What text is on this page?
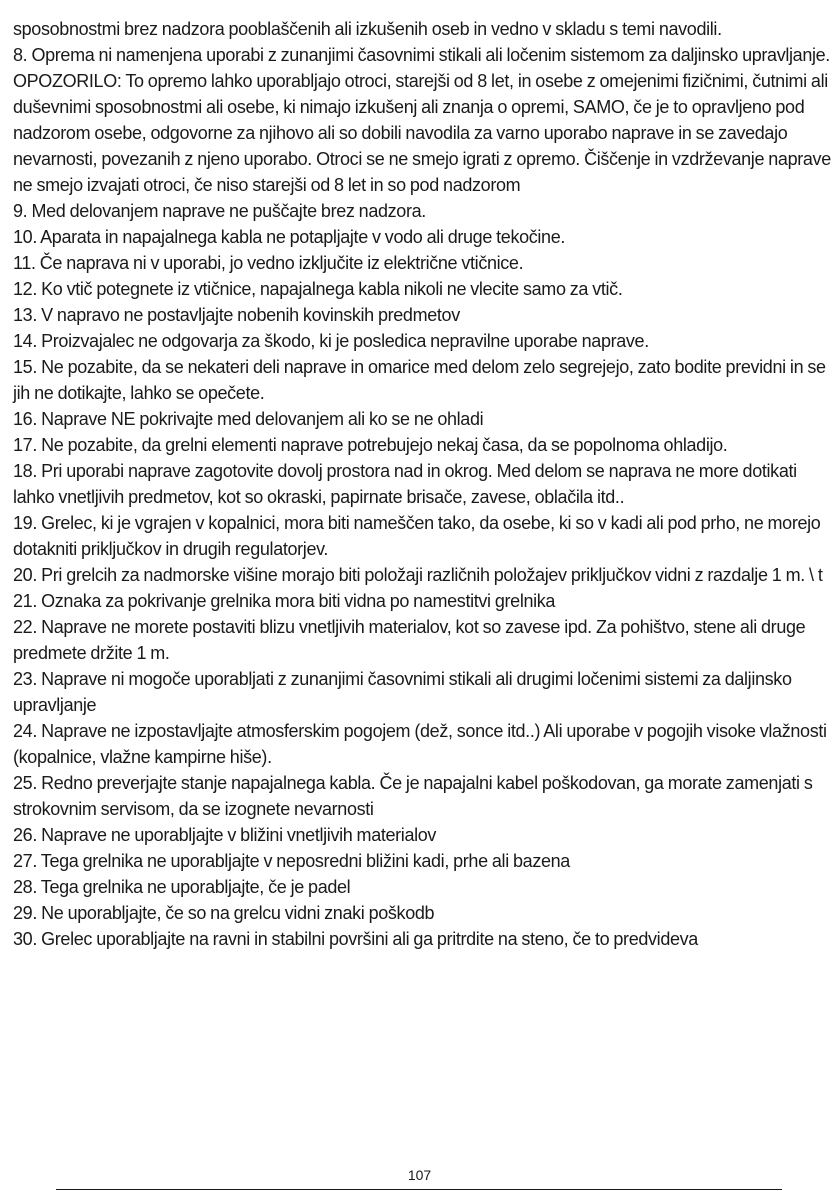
sposobnostmi brez nadzora pooblaščenih ali izkušenih oseb in vedno v skladu s temi navodili.

8. Oprema ni namenjena uporabi z zunanjimi časovnimi stikali ali ločenim sistemom za daljinsko upravljanje.

OPOZORILO: To opremo lahko uporabljajo otroci, starejši od 8 let, in osebe z omejenimi fizičnimi, čutnimi ali duševnimi sposobnostmi ali osebe, ki nimajo izkušenj ali znanja o opremi, SAMO, če je to opravljeno pod nadzorom osebe, odgovorne za njihovo ali so dobili navodila za varno uporabo naprave in se zavedajo nevarnosti, povezanih z njeno uporabo. Otroci se ne smejo igrati z opremo. Čiščenje in vzdrževanje naprave ne smejo izvajati otroci, če niso starejši od 8 let in so pod nadzorom

9. Med delovanjem naprave ne puščajte brez nadzora.

10. Aparata in napajalnega kabla ne potapljajte v vodo ali druge tekočine.

11. Če naprava ni v uporabi, jo vedno izključite iz električne vtičnice.

12. Ko vtič potegnete iz vtičnice, napajalnega kabla nikoli ne vlecite samo za vtič.

13. V napravo ne postavljajte nobenih kovinskih predmetov

14. Proizvajalec ne odgovarja za škodo, ki je posledica nepravilne uporabe naprave.

15. Ne pozabite, da se nekateri deli naprave in omarice med delom zelo segrejejo, zato bodite previdni in se jih ne dotikajte, lahko se opečete.

16. Naprave NE pokrivajte med delovanjem ali ko se ne ohladi

17. Ne pozabite, da grelni elementi naprave potrebujejo nekaj časa, da se popolnoma ohladijo.

18. Pri uporabi naprave zagotovite dovolj prostora nad in okrog. Med delom se naprava ne more dotikati lahko vnetljivih predmetov, kot so okraski, papirnate brisače, zavese, oblačila itd..

19. Grelec, ki je vgrajen v kopalnici, mora biti nameščen tako, da osebe, ki so v kadi ali pod prho, ne morejo dotakniti priključkov in drugih regulatorjev.

20. Pri grelcih za nadmorske višine morajo biti položaji različnih položajev priključkov vidni z razdalje 1 m. \ t

21. Oznaka za pokrivanje grelnika mora biti vidna po namestitvi grelnika

22. Naprave ne morete postaviti blizu vnetljivih materialov, kot so zavese ipd. Za pohištvo, stene ali druge predmete držite 1 m.

23. Naprave ni mogoče uporabljati z zunanjimi časovnimi stikali ali drugimi ločenimi sistemi za daljinsko upravljanje

24. Naprave ne izpostavljajte atmosferskim pogojem (dež, sonce itd..) Ali uporabe v pogojih visoke vlažnosti (kopalnice, vlažne kampirne hiše).

25. Redno preverjajte stanje napajalnega kabla. Če je napajalni kabel poškodovan, ga morate zamenjati s strokovnim servisom, da se izognete nevarnosti

26. Naprave ne uporabljajte v bližini vnetljivih materialov

27. Tega grelnika ne uporabljajte v neposredni bližini kadi, prhe ali bazena

28. Tega grelnika ne uporabljajte, če je padel

29. Ne uporabljajte, če so na grelcu vidni znaki poškodb

30. Grelec uporabljajte na ravni in stabilni površini ali ga pritrdite na steno, če to predvideva

107
